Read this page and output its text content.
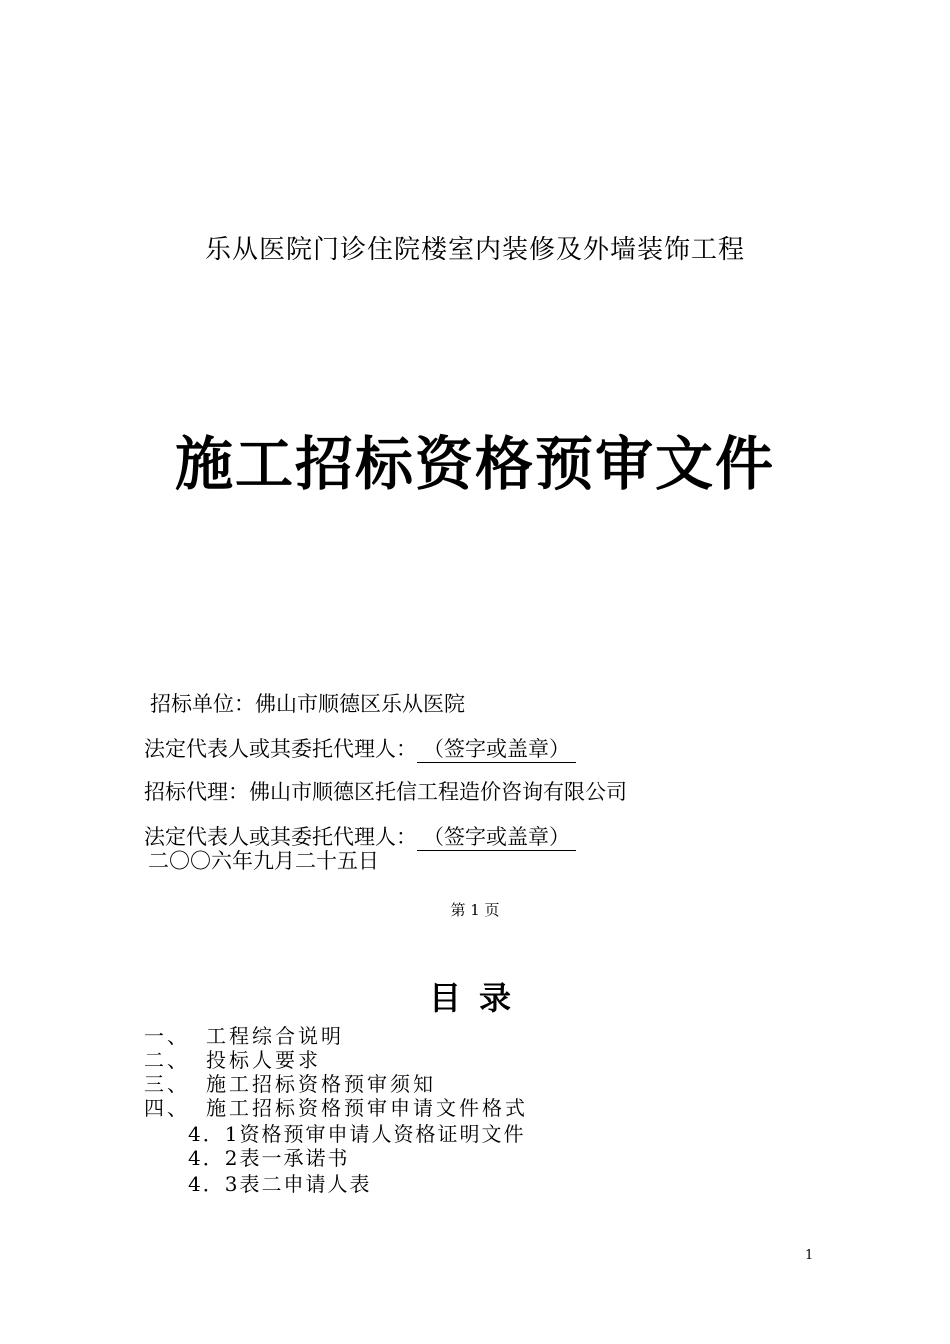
乐从医院门诊住院楼室内装修及外墙装饰工程
施工招标资格预审文件
招标单位：佛山市顺德区乐从医院
法定代表人或其委托代理人： （签字或盖章）
招标代理：佛山市顺德区托信工程造价咨询有限公司
法定代表人或其委托代理人： （签字或盖章）
二〇〇六年九月二十五日
第 1 页
目录
一、 工程综合说明
二、 投标人要求
三、 施工招标资格预审须知
四、 施工招标资格预审申请文件格式
4．1资格预审申请人资格证明文件
4．2表一承诺书
4．3表二申请人表
1
